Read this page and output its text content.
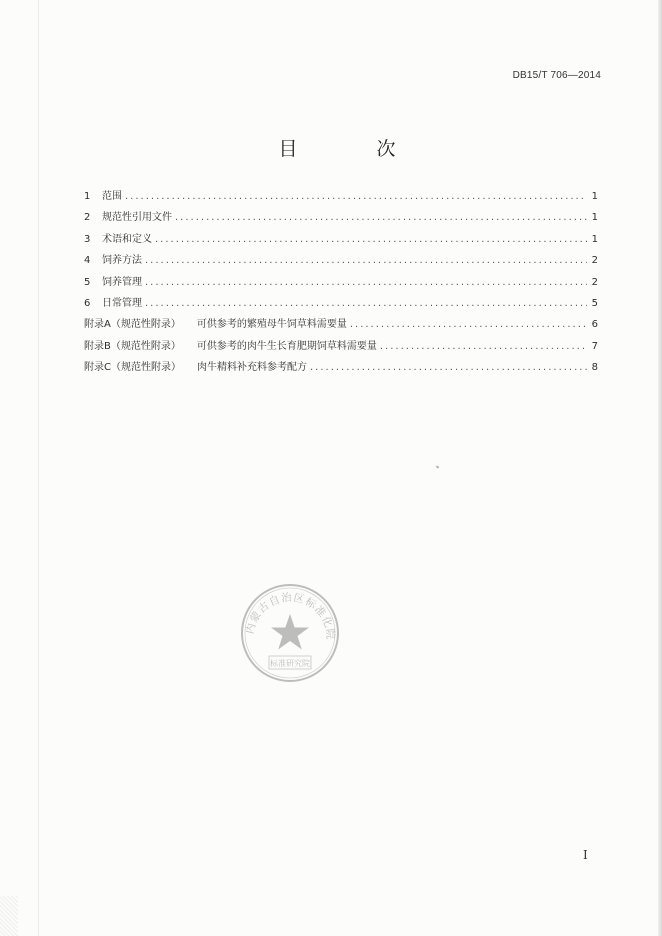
DB15/T 706—2014
目　次
1	范围 .....	1
2	规范性引用文件 .....	1
3	术语和定义 .....	1
4	饲养方法 .....	2
5	饲养管理 .....	2
6	日常管理 .....	5
附录A（规范性附录） 可供参考的繁殖母牛饲草料需要量 .....	6
附录B（规范性附录） 可供参考的肉牛生长育肥期饲草料需要量 .....	7
附录C（规范性附录） 肉牛精料补充料参考配方 .....	8
内蒙古自治区标准化院
标准研究院
I
